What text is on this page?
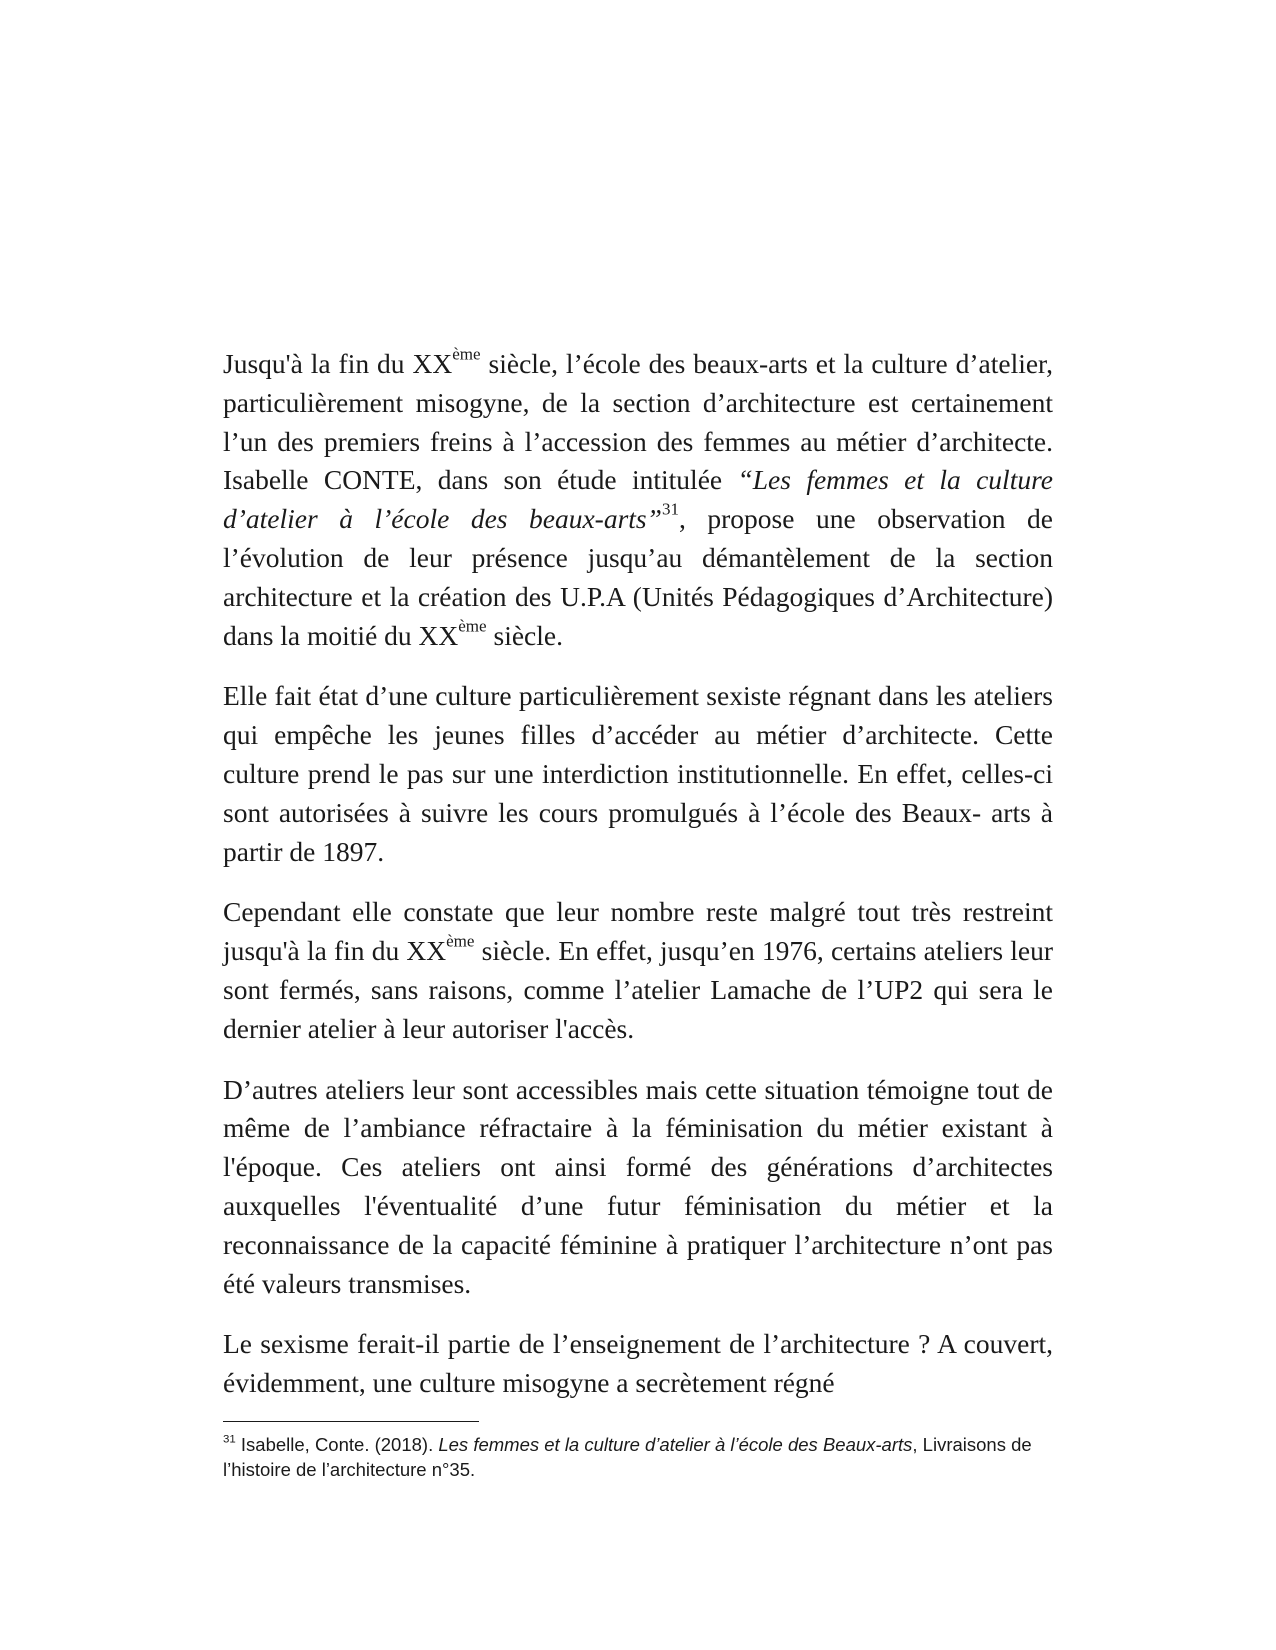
Jusqu'à la fin du XXème siècle, l’école des beaux-arts et la culture d’atelier, particulièrement misogyne, de la section d’architecture est certainement l’un des premiers freins à l’accession des femmes au métier d’architecte. Isabelle CONTE, dans son étude intitulée “Les femmes et la culture d’atelier à l’école des beaux-arts”$^{31}$, propose une observation de l’évolution de leur présence jusqu’au démantèlement de la section architecture et la création des U.P.A (Unités Pédagogiques d’Architecture) dans la moitié du XXème siècle.

Elle fait état d’une culture particulièrement sexiste régnant dans les ateliers qui empêche les jeunes filles d’accéder au métier d’architecte. Cette culture prend le pas sur une interdiction institutionnelle. En effet, celles-ci sont autorisées à suivre les cours promulgués à l’école des Beaux- arts à partir de 1897.

Cependant elle constate que leur nombre reste malgré tout très restreint jusqu'à la fin du XXème siècle. En effet, jusqu’en 1976, certains ateliers leur sont fermés, sans raisons, comme l’atelier Lamache de l’UP2 qui sera le dernier atelier à leur autoriser l'accès.

D’autres ateliers leur sont accessibles mais cette situation témoigne tout de même de l’ambiance réfractaire à la féminisation du métier existant à l'époque. Ces ateliers ont ainsi formé des générations d’architectes auxquelles l'éventualité d’une futur féminisation du métier et la reconnaissance de la capacité féminine à pratiquer l’architecture n’ont pas été valeurs transmises.

Le sexisme ferait-il partie de l’enseignement de l’architecture ? A couvert, évidemment, une culture misogyne a secrètement régné

$^{31}$ Isabelle, Conte. (2018). Les femmes et la culture d’atelier à l’école des Beaux-arts, Livraisons de l’histoire de l’architecture n°35.
